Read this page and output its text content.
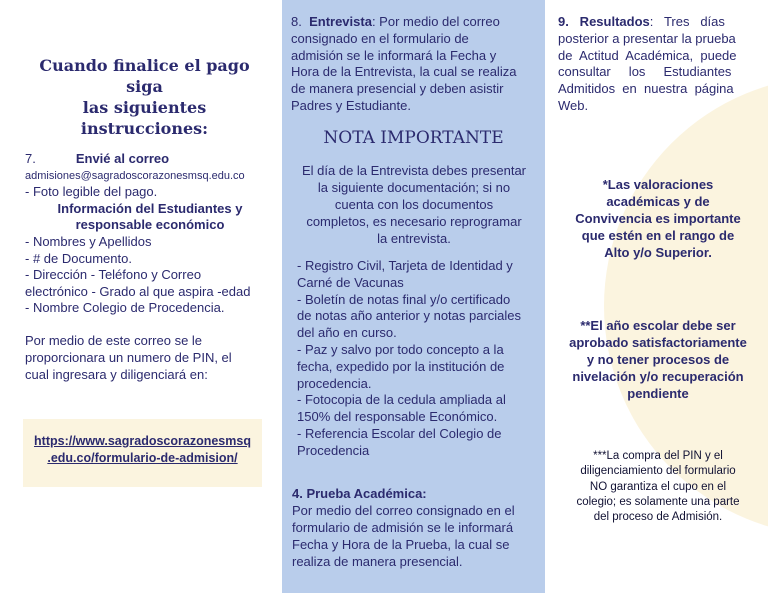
Cuando finalice el pago siga
las siguientes instrucciones:
7.	Envié al correo
admisiones@sagradoscorazonesmsq.edu.co
- Foto legible del pago.
Información del Estudiantes y
responsable económico
- Nombres y Apellidos
- # de Documento.
- Dirección - Teléfono y Correo
electrónico - Grado al que aspira -edad
- Nombre Colegio de Procedencia.
Por medio de este correo se le
proporcionara un numero de PIN, el
cual ingresara y diligenciará en:
https://www.sagradoscorazonesmsq
.edu.co/formulario-de-admision/
8. Entrevista: Por medio del correo
consignado en el formulario de
admisión se le informará la Fecha y
Hora de la Entrevista, la cual se realiza
de manera presencial y deben asistir
Padres y Estudiante.
NOTA IMPORTANTE
El día de la Entrevista debes presentar
la siguiente documentación; si no
cuenta con los documentos
completos, es necesario reprogramar
la entrevista.
- Registro Civil, Tarjeta de Identidad y
Carné de Vacunas
- Boletín de notas final y/o certificado
de notas año anterior y notas parciales
del año en curso.
- Paz y salvo por todo concepto a la
fecha, expedido por la institución de
procedencia.
- Fotocopia de la cedula ampliada al
150% del responsable Económico.
- Referencia Escolar del Colegio de
Procedencia
4. Prueba Académica:
Por medio del correo consignado en el
formulario de admisión se le informará
Fecha y Hora de la Prueba, la cual se
realiza de manera presencial.
9.   Resultados:   Tres   días
posterior a presentar la prueba
de  Actitud  Académica,  puede
consultar     los     Estudiantes
Admitidos  en  nuestra  página
Web.
*Las valoraciones
académicas y de
Convivencia es importante
que estén en el rango de
Alto y/o Superior.
**El año escolar debe ser
aprobado satisfactoriamente
y no tener procesos de
nivelación y/o recuperación
pendiente
***La compra del PIN y el
diligenciamiento del formulario
NO garantiza el cupo en el
colegio; es solamente una parte
del proceso de Admisión.
